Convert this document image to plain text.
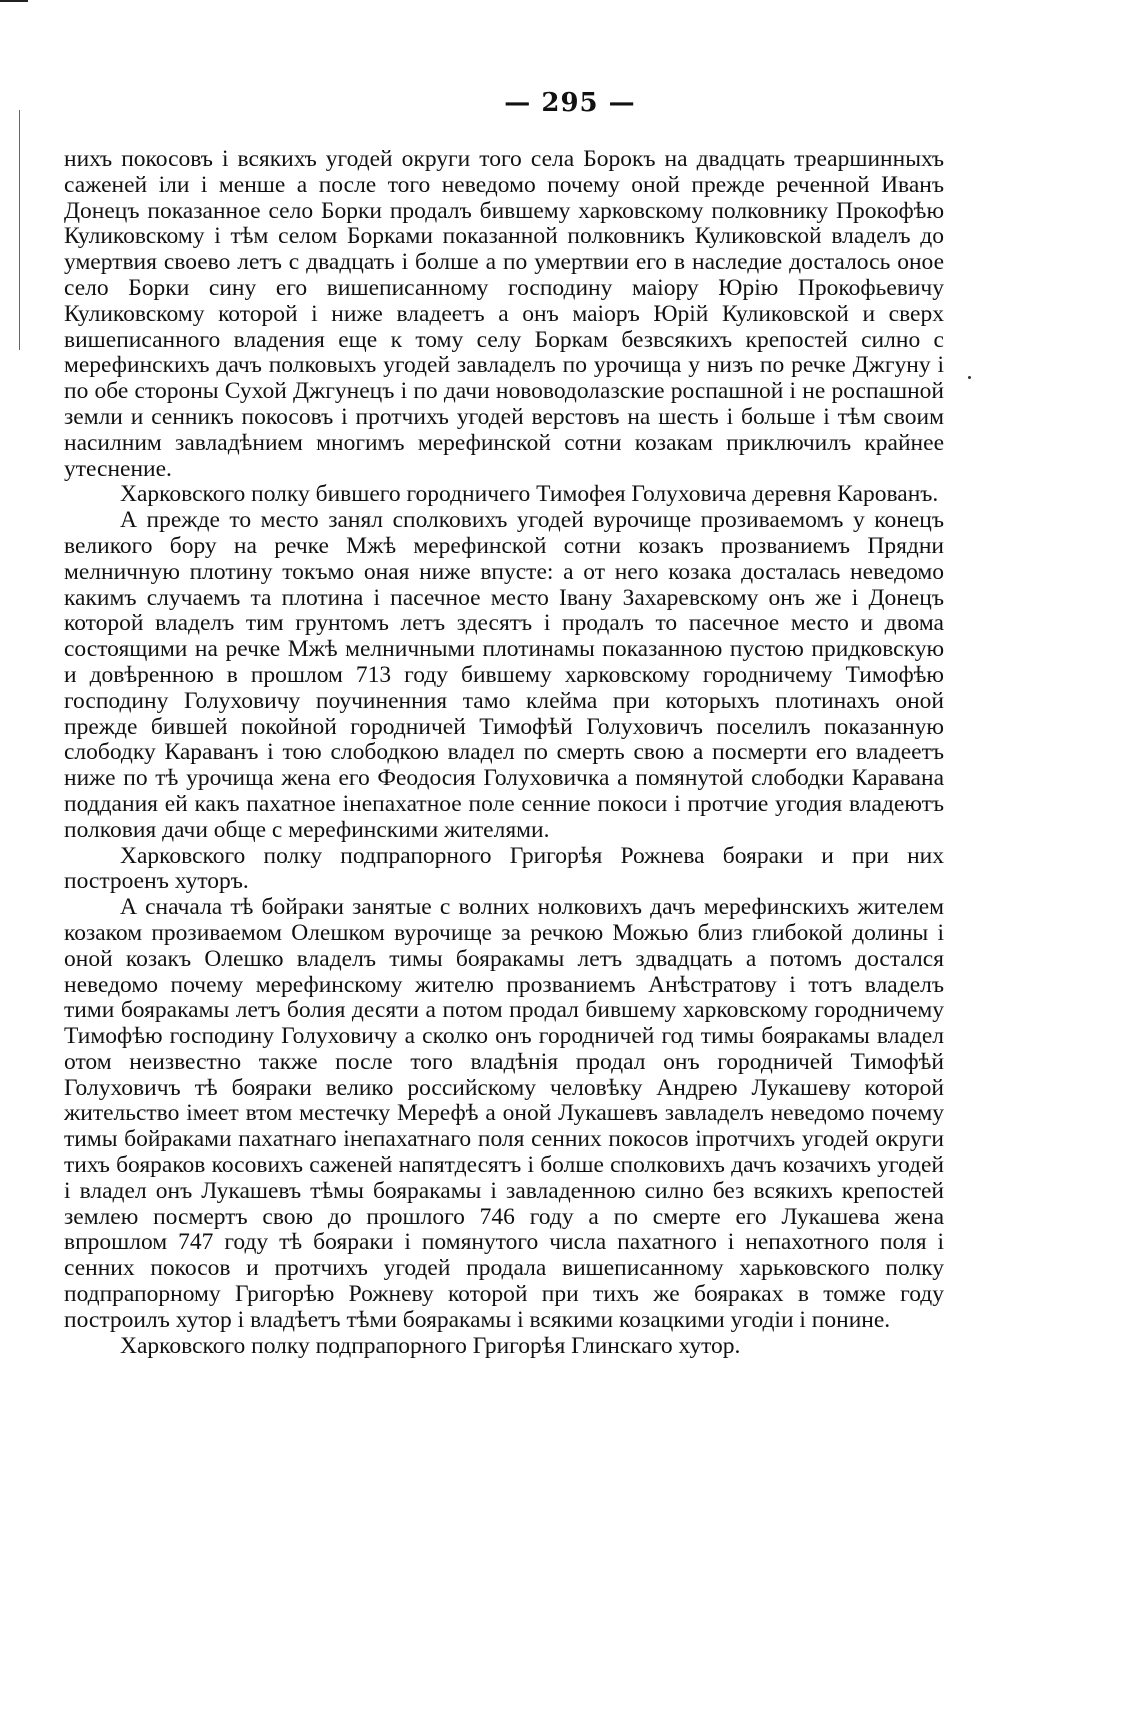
— 295 —

нихъ покосовъ і всякихъ угодей округи того села Борокъ на двадцать треаршинныхъ саженей іли і менше а после того неведомо почему оной прежде реченной Иванъ Донецъ показанное село Борки продалъ бившему харковскому полковнику Прокофѣю Куликовскому і тѣм селом Борками показанной полковникъ Куликовской владелъ до умертвия своево летъ с двадцать і болше а по умертвии его в наследие досталось оное село Борки сину его вишеписанному господину маіору Юрію Прокофьевичу Куликовскому которой і ниже владеетъ а онъ маіоръ Юрій Куликовской и сверх вишеписанного владения еще к тому селу Боркам безвсякихъ крепостей силно с мерефинскихъ дачъ полковыхъ угодей завладелъ по урочища у низъ по речке Джгуну і по обе стороны Сухой Джгунецъ і по дачи нововодолазские роспашной і не роспашной земли и сенникъ покосовъ і протчихъ угодей верстовъ на шесть і больше і тѣм своим насилним завладѣнием многимъ мерефинской сотни козакам приключилъ крайнее утеснение.

Харковского полку бившего городничего Тимофея Голуховича деревня Карованъ.

А прежде то место занял сполковихъ угодей вурочище прозиваемомъ у конецъ великого бору на речке Мжѣ мерефинской сотни козакъ прозваниемъ Прядни мелничную плотину токъмо оная ниже впусте: а от него козака досталась неведомо какимъ случаемъ та плотина і пасечное место Івану Захаревскому онъ же і Донецъ которой владелъ тим грунтомъ летъ здесятъ і продалъ то пасечное место и двома состоящими на речке Мжѣ мелничными плотинамы показанною пустою придковскую и довѣренною в прошлом 713 году бившему харковскому городничему Тимофѣю господину Голуховичу поучиненния тамо клейма при которыхъ плотинахъ оной прежде бившей покойной городничей Тимофѣй Голуховичъ поселилъ показанную слободку Караванъ і тою слободкою владел по смерть свою а посмерти его владеетъ ниже по тѣ урочища жена его Феодосия Голуховичка а помянутой слободки Каравана поддания ей какъ пахатное інепахатное поле сенние покоси і протчие угодия владеютъ полковия дачи обще с мерефинскими жителями.

Харковского полку подпрапорного Григорѣя Рожнева бояраки и при них построенъ хуторъ.

А сначала тѣ бойраки занятые с волних нолковихъ дачъ мерефинскихъ жителем козаком прозиваемом Олешком вурочище за речкою Можью близ глибокой долины і оной козакъ Олешко владелъ тимы бояракамы летъ здвадцать а потомъ достался неведомо почему мерефинскому жителю прозваниемъ Анѣстратову і тотъ владелъ тими бояракамы летъ болия десяти а потом продал бившему харковскому городничему Тимофѣю господину Голуховичу а сколко онъ городничей год тимы бояракамы владел отом неизвестно также после того владѣнія продал онъ городничей Тимофѣй Голуховичъ тѣ бояраки велико российскому человѣку Андрею Лукашеву которой жительство імеет втом местечку Мерефѣ а оной Лукашевъ завладелъ неведомо почему тимы бойраками пахатнаго інепахатнаго поля сенних покосов іпротчихъ угодей округи тихъ бояраков косовихъ саженей напятдесятъ і болше сполковихъ дачъ козачихъ угодей і владел онъ Лукашевъ тѣмы бояракамы і завладенною силно без всякихъ крепостей землею посмертъ свою до прошлого 746 году а по смерте его Лукашева жена впрошлом 747 году тѣ бояраки і помянутого числа пахатного і непахотного поля і сенних покосов и протчихъ угодей продала вишеписанному харьковского полку подпрапорному Григорѣю Рожневу которой при тихъ же бояраках в томже году построилъ хутор і владѣетъ тѣми бояракамы і всякими козацкими угодіи і понине.

Харковского полку подпрапорного Григорѣя Глинскаго хутор.
